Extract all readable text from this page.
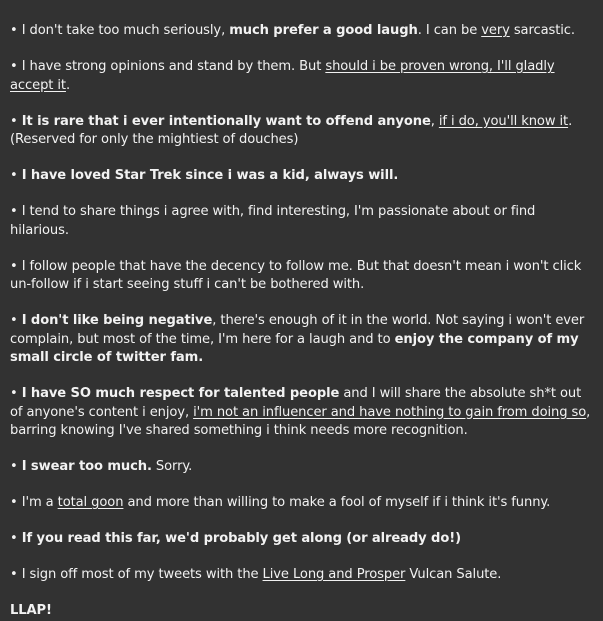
• I don't take too much seriously, much prefer a good laugh. I can be very sarcastic.

• I have strong opinions and stand by them. But should i be proven wrong, I'll gladly accept it.

• It is rare that i ever intentionally want to offend anyone, if i do, you'll know it. (Reserved for only the mightiest of douches)

• I have loved Star Trek since i was a kid, always will.

• I tend to share things i agree with, find interesting, I'm passionate about or find hilarious.

• I follow people that have the decency to follow me. But that doesn't mean i won't click un-follow if i start seeing stuff i can't be bothered with.

• I don't like being negative, there's enough of it in the world. Not saying i won't ever complain, but most of the time, I'm here for a laugh and to enjoy the company of my small circle of twitter fam.

• I have SO much respect for talented people and I will share the absolute sh*t out of anyone's content i enjoy, i'm not an influencer and have nothing to gain from doing so, barring knowing I've shared something i think needs more recognition.

• I swear too much. Sorry.

• I'm a total goon and more than willing to make a fool of myself if i think it's funny.

• If you read this far, we'd probably get along (or already do!)

• I sign off most of my tweets with the Live Long and Prosper Vulcan Salute.

LLAP!
